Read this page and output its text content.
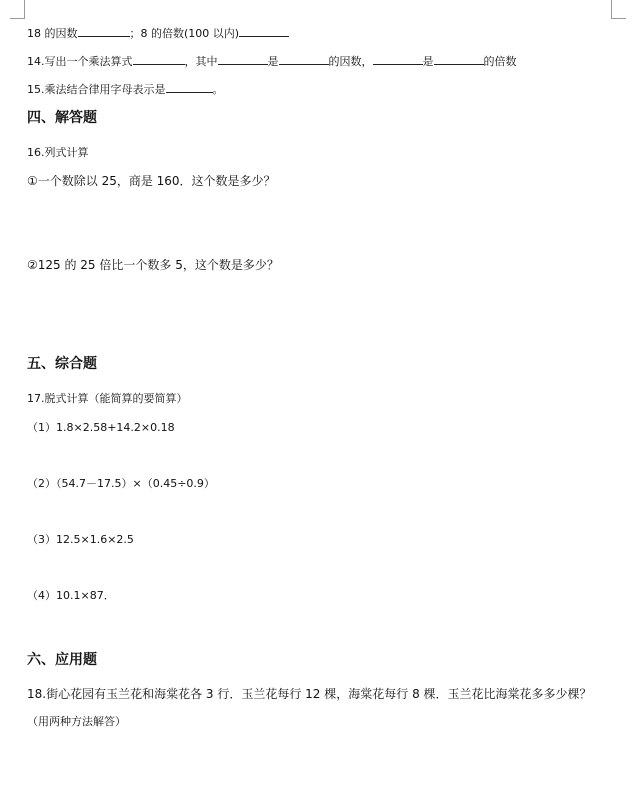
18 的因数	；8 的倍数(100 以内)
14.写出一个乘法算式	，其中	是	的因数，	是	的倍数
15.乘法结合律用字母表示是	。
四、解答题
16.列式计算
①一个数除以 25，商是 160．这个数是多少？
②125 的 25 倍比一个数多 5，这个数是多少？
五、综合题
17.脱式计算（能简算的要简算）
（1）1.8×2.58+14.2×0.18
（2）（54.7－17.5）×（0.45÷0.9）
（3）12.5×1.6×2.5
（4）10.1×87．
六、应用题
18.街心花园有玉兰花和海棠花各 3 行．玉兰花每行 12 棵，海棠花每行 8 棵．玉兰花比海棠花多多少棵？
（用两种方法解答）
